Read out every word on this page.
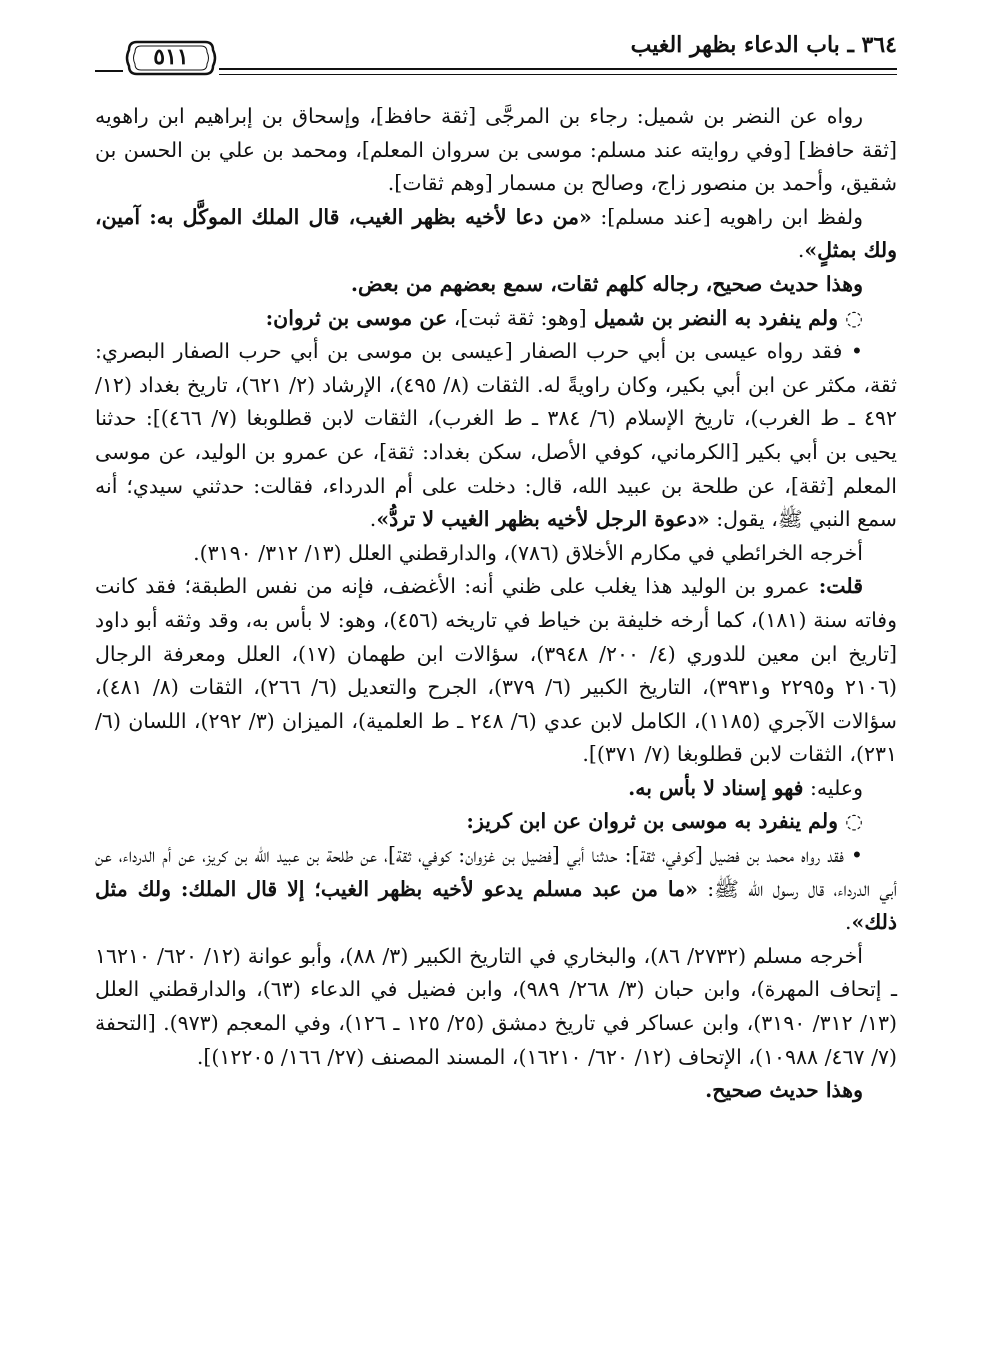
٣٦٤ ـ باب الدعاء بظهر الغيب
٥١١

رواه عن النضر بن شميل: رجاء بن المرجَّى [ثقة حافظ]، وإسحاق بن إبراهيم ابن راهويه [ثقة حافظ] [وفي روايته عند مسلم: موسى بن سروان المعلم]، ومحمد بن علي بن الحسن بن شقيق، وأحمد بن منصور زاج، وصالح بن مسمار [وهم ثقات].

ولفظ ابن راهويه [عند مسلم]: «من دعا لأخيه بظهر الغيب، قال الملك الموكَّل به: آمين، ولك بمثلٍ».

وهذا حديث صحيح، رجاله كلهم ثقات، سمع بعضهم من بعض.

◌ ولم ينفرد به النضر بن شميل [وهو: ثقة ثبت]، عن موسى بن ثروان:

• فقد رواه عيسى بن أبي حرب الصفار [عيسى بن موسى بن أبي حرب الصفار البصري: ثقة، مكثر عن ابن أبي بكير، وكان راويةً له. الثقات (٨/ ٤٩٥)، الإرشاد (٢/ ٦٢١)، تاريخ بغداد (١٢/ ٤٩٢ ـ ط الغرب)، تاريخ الإسلام (٦/ ٣٨٤ ـ ط الغرب)، الثقات لابن قطلوبغا (٧/ ٤٦٦)]: حدثنا يحيى بن أبي بكير [الكرماني، كوفي الأصل، سكن بغداد: ثقة]، عن عمرو بن الوليد، عن موسى المعلم [ثقة]، عن طلحة بن عبيد الله، قال: دخلت على أم الدرداء، فقالت: حدثني سيدي؛ أنه سمع النبي ﷺ، يقول: «دعوة الرجل لأخيه بظهر الغيب لا تردُّ».

أخرجه الخرائطي في مكارم الأخلاق (٧٨٦)، والدارقطني العلل (١٣/ ٣١٢/ ٣١٩٠).

قلت: عمرو بن الوليد هذا يغلب على ظني أنه: الأغضف، فإنه من نفس الطبقة؛ فقد كانت وفاته سنة (١٨١)، كما أرخه خليفة بن خياط في تاريخه (٤٥٦)، وهو: لا بأس به، وقد وثقه أبو داود [تاريخ ابن معين للدوري (٤/ ٢٠٠/ ٣٩٤٨)، سؤالات ابن طهمان (١٧)، العلل ومعرفة الرجال (٢١٠٦ و٢٢٩٥ و٣٩٣١)، التاريخ الكبير (٦/ ٣٧٩)، الجرح والتعديل (٦/ ٢٦٦)، الثقات (٨/ ٤٨١)، سؤالات الآجري (١١٨٥)، الكامل لابن عدي (٦/ ٢٤٨ ـ ط العلمية)، الميزان (٣/ ٢٩٢)، اللسان (٦/ ٢٣١)، الثقات لابن قطلوبغا (٧/ ٣٧١)].

وعليه: فهو إسناد لا بأس به.

◌ ولم ينفرد به موسى بن ثروان عن ابن كريز:

• فقد رواه محمد بن فضيل [كوفي، ثقة]: حدثنا أبي [فضيل بن غزوان: كوفي، ثقة]، عن طلحة بن عبيد الله بن كريز، عن أم الدرداء، عن أبي الدرداء، قال رسول الله ﷺ: «ما من عبد مسلم يدعو لأخيه بظهر الغيب؛ إلا قال الملك: ولك مثل ذلك».

أخرجه مسلم (٢٧٣٢/ ٨٦)، والبخاري في التاريخ الكبير (٣/ ٨٨)، وأبو عوانة (١٢/ ٦٢٠/ ١٦٢١٠ ـ إتحاف المهرة)، وابن حبان (٣/ ٢٦٨/ ٩٨٩)، وابن فضيل في الدعاء (٦٣)، والدارقطني العلل (١٣/ ٣١٢/ ٣١٩٠)، وابن عساكر في تاريخ دمشق (٢٥/ ١٢٥ ـ ١٢٦)، وفي المعجم (٩٧٣). [التحفة (٧/ ٤٦٧/ ١٠٩٨٨)، الإتحاف (١٢/ ٦٢٠/ ١٦٢١٠)، المسند المصنف (٢٧/ ١٦٦/ ١٢٢٠٥)].

وهذا حديث صحيح.
